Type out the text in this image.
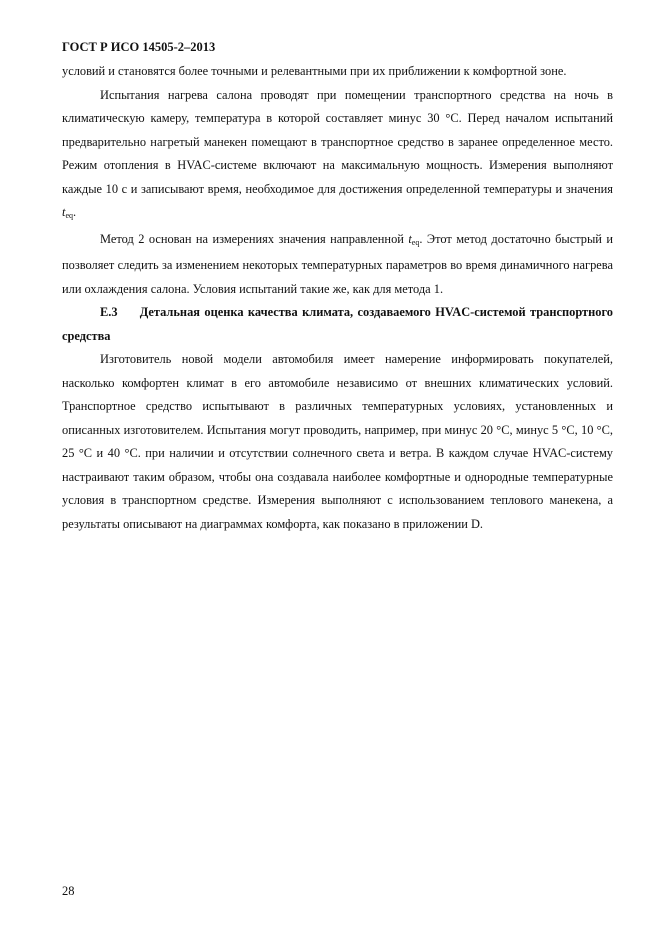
ГОСТ Р ИСО 14505-2–2013

условий и становятся более точными и релевантными при их приближении к комфортной зоне.

Испытания нагрева салона проводят при помещении транспортного средства на ночь в климатическую камеру, температура в которой составляет минус 30 °С. Перед началом испытаний предварительно нагретый манекен помещают в транспортное средство в заранее определенное место. Режим отопления в HVAC-системе включают на максимальную мощность. Измерения выполняют каждые 10 с и записывают время, необходимое для достижения определенной температуры и значения $t_{eq}$.

Метод 2 основан на измерениях значения направленной $t_{eq}$. Этот метод достаточно быстрый и позволяет следить за изменением некоторых температурных параметров во время динамичного нагрева или охлаждения салона. Условия испытаний такие же, как для метода 1.

E.3 Детальная оценка качества климата, создаваемого HVAC-системой транспортного средства

Изготовитель новой модели автомобиля имеет намерение информировать покупателей, насколько комфортен климат в его автомобиле независимо от внешних климатических условий. Транспортное средство испытывают в различных температурных условиях, установленных и описанных изготовителем. Испытания могут проводить, например, при минус 20 °С, минус 5 °С, 10 °С, 25 °С и 40 °С. при наличии и отсутствии солнечного света и ветра. В каждом случае HVAC-систему настраивают таким образом, чтобы она создавала наиболее комфортные и однородные температурные условия в транспортном средстве. Измерения выполняют с использованием теплового манекена, а результаты описывают на диаграммах комфорта, как показано в приложении D.

28
